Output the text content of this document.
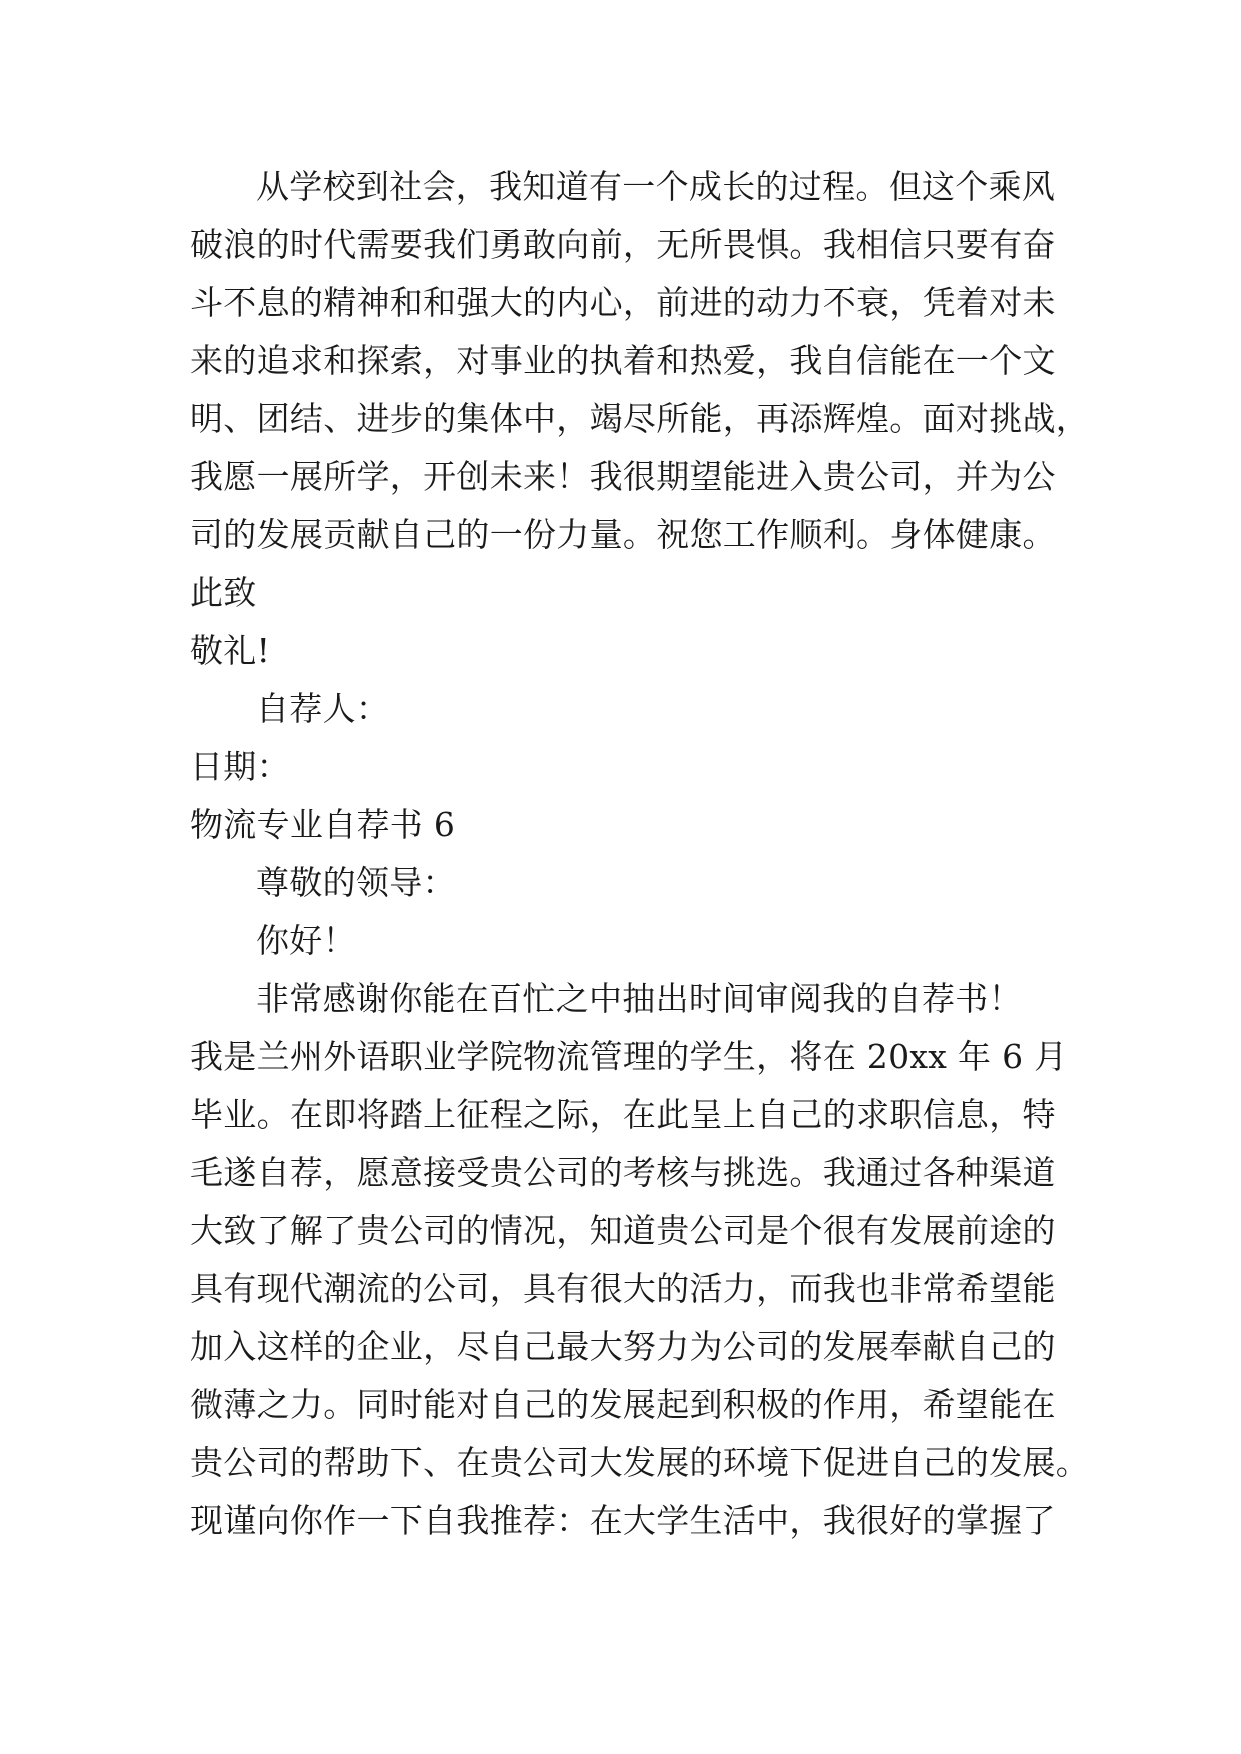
从学校到社会，我知道有一个成长的过程。但这个乘风
破浪的时代需要我们勇敢向前，无所畏惧。我相信只要有奋
斗不息的精神和和强大的内心，前进的动力不衰，凭着对未
来的追求和探索，对事业的执着和热爱，我自信能在一个文
明、团结、进步的集体中，竭尽所能，再添辉煌。面对挑战，
我愿一展所学，开创未来！我很期望能进入贵公司，并为公
司的发展贡献自己的一份力量。祝您工作顺利。身体健康。
此致
敬礼!
自荐人：
日期：
物流专业自荐书 6
尊敬的领导：
你好！
非常感谢你能在百忙之中抽出时间审阅我的自荐书！
我是兰州外语职业学院物流管理的学生，将在 20xx 年 6 月
毕业。在即将踏上征程之际，在此呈上自己的求职信息，特
毛遂自荐，愿意接受贵公司的考核与挑选。我通过各种渠道
大致了解了贵公司的情况，知道贵公司是个很有发展前途的
具有现代潮流的公司，具有很大的活力，而我也非常希望能
加入这样的企业，尽自己最大努力为公司的发展奉献自己的
微薄之力。同时能对自己的发展起到积极的作用，希望能在
贵公司的帮助下、在贵公司大发展的环境下促进自己的发展。
现谨向你作一下自我推荐：在大学生活中，我很好的掌握了
